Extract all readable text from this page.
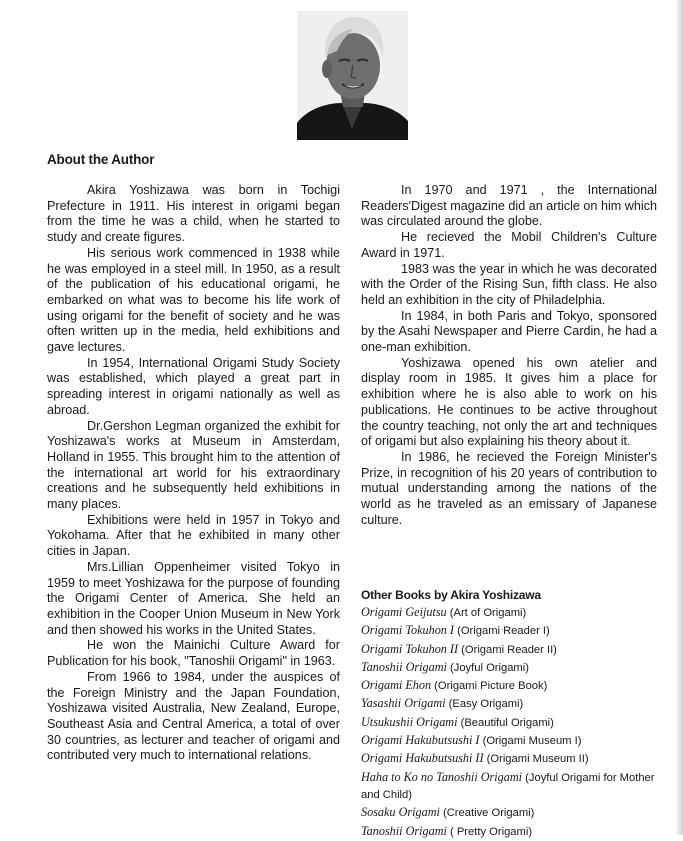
About the Author

Akira Yoshizawa was born in Tochigi Prefecture in 1911. His interest in origami began from the time he was a child, when he started to study and create figures.

His serious work commenced in 1938 while he was employed in a steel mill. In 1950, as a result of the publication of his educational origami, he embarked on what was to become his life work of using origami for the benefit of society and he was often written up in the media, held exhibitions and gave lectures.

In 1954, International Origami Study Society was established, which played a great part in spreading interest in origami nationally as well as abroad.

Dr.Gershon Legman organized the exhibit for Yoshizawa's works at Museum in Amsterdam, Holland in 1955. This brought him to the attention of the international art world for his extraordinary creations and he subsequently held exhibitions in many places.

Exhibitions were held in 1957 in Tokyo and Yokohama. After that he exhibited in many other cities in Japan.

Mrs.Lillian Oppenheimer visited Tokyo in 1959 to meet Yoshizawa for the purpose of founding the Origami Center of America. She held an exhibition in the Cooper Union Museum in New York and then showed his works in the United States.

He won the Mainichi Culture Award for Publication for his book, "Tanoshii Origami" in 1963.

From 1966 to 1984, under the auspices of the Foreign Ministry and the Japan Foundation, Yoshizawa visited Australia, New Zealand, Europe, Southeast Asia and Central America, a total of over 30 countries, as lecturer and teacher of origami and contributed very much to international relations.

In 1970 and 1971 , the International Readers'Digest magazine did an article on him which was circulated around the globe.

He recieved the Mobil Children's Culture Award in 1971.

1983 was the year in which he was decorated with the Order of the Rising Sun, fifth class. He also held an exhibition in the city of Philadelphia.

In 1984, in both Paris and Tokyo, sponsored by the Asahi Newspaper and Pierre Cardin, he had a one-man exhibition.

Yoshizawa opened his own atelier and display room in 1985. It gives him a place for exhibition where he is also able to work on his publications. He continues to be active throughout the country teaching, not only the art and techniques of origami but also explaining his theory about it.

In 1986, he recieved the Foreign Minister's Prize, in recognition of his 20 years of contribution to mutual understanding among the nations of the world as he traveled as an emissary of Japanese culture.

Other Books by Akira Yoshizawa
Origami Geijutsu (Art of Origami)
Origami Tokuhon I (Origami Reader I)
Origami Tokuhon II (Origami Reader II)
Tanoshii Origami (Joyful Origami)
Origami Ehon (Origami Picture Book)
Yasashii Origami (Easy Origami)
Utsukushii Origami (Beautiful Origami)
Origami Hakubutsushi I (Origami Museum I)
Origami Hakubutsushi II (Origami Museum II)
Haha to Ko no Tanoshii Origami (Joyful Origami for Mother and Child)
Sosaku Origami (Creative Origami)
Tanoshii Origami ( Pretty Origami)
